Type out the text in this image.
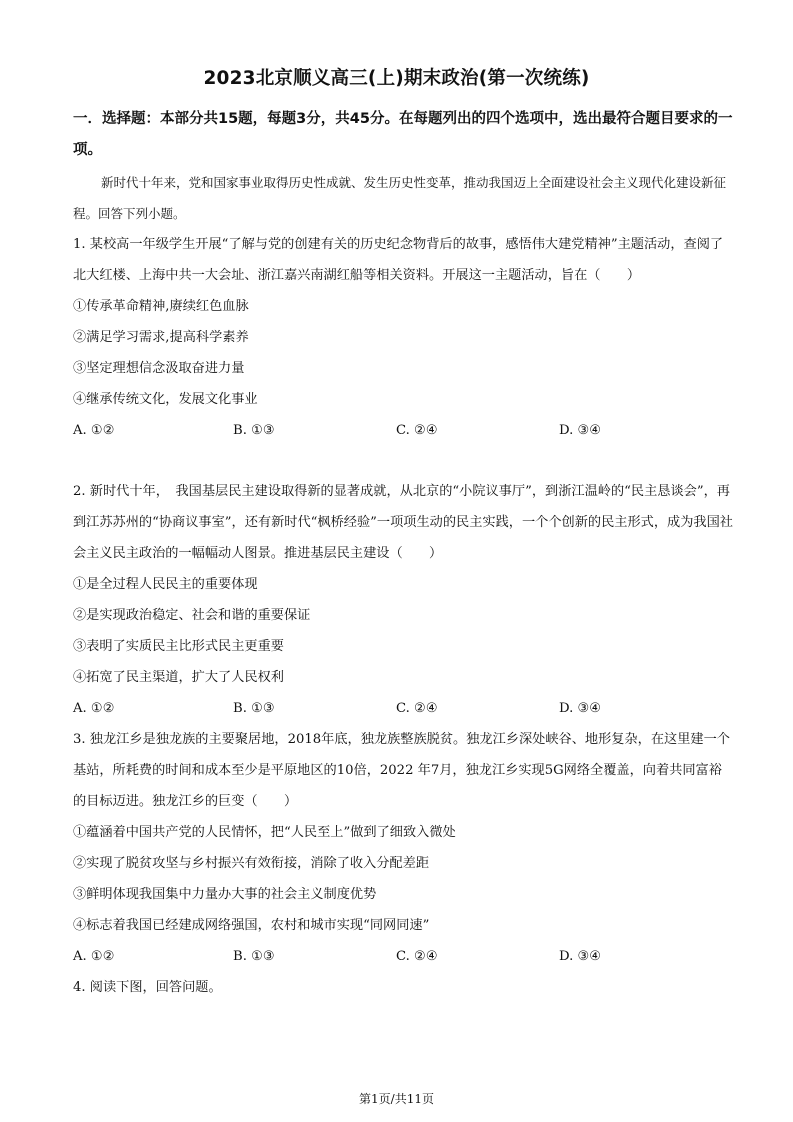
2023北京顺义高三(上)期末政治(第一次统练)
一．选择题：本部分共15题，每题3分，共45分。在每题列出的四个选项中，选出最符合题目要求的一项。
新时代十年来，党和国家事业取得历史性成就、发生历史性变革，推动我国迈上全面建设社会主义现代化建设新征程。回答下列小题。

1. 某校高一年级学生开展“了解与党的创建有关的历史纪念物背后的故事，感悟伟大建党精神”主题活动，查阅了北大红楼、上海中共一大会址、浙江嘉兴南湖红船等相关资料。开展这一主题活动，旨在（　　）

①传承革命精神,赓续红色血脉

②满足学习需求,提高科学素养

③坚定理想信念汲取奋进力量

④继承传统文化，发展文化事业

A. ①②	B. ①③	C. ②④	D. ③④

2. 新时代十年，　我国基层民主建设取得新的显著成就，从北京的“小院议事厅”，到浙江温岭的“民主恳谈会”，再到江苏苏州的“协商议事室”，还有新时代“枫桥经验”一项项生动的民主实践，一个个创新的民主形式，成为我国社会主义民主政治的一幅幅动人图景。推进基层民主建设（　　）

①是全过程人民民主的重要体现

②是实现政治稳定、社会和谐的重要保证

③表明了实质民主比形式民主更重要

④拓宽了民主渠道，扩大了人民权利

A. ①②	B. ①③	C. ②④	D. ③④

3. 独龙江乡是独龙族的主要聚居地，2018年底，独龙族整族脱贫。独龙江乡深处峡谷、地形复杂，在这里建一个基站，所耗费的时间和成本至少是平原地区的10倍，2022 年7月，独龙江乡实现5G网络全覆盖，向着共同富裕的目标迈进。独龙江乡的巨变（　　）

①蕴涵着中国共产党的人民情怀，把“人民至上”做到了细致入微处

②实现了脱贫攻坚与乡村振兴有效衔接，消除了收入分配差距

③鲜明体现我国集中力量办大事的社会主义制度优势

④标志着我国已经建成网络强国，农村和城市实现“同网同速”

A. ①②	B. ①③	C. ②④	D. ③④

4. 阅读下图，回答问题。

第1页/共11页
